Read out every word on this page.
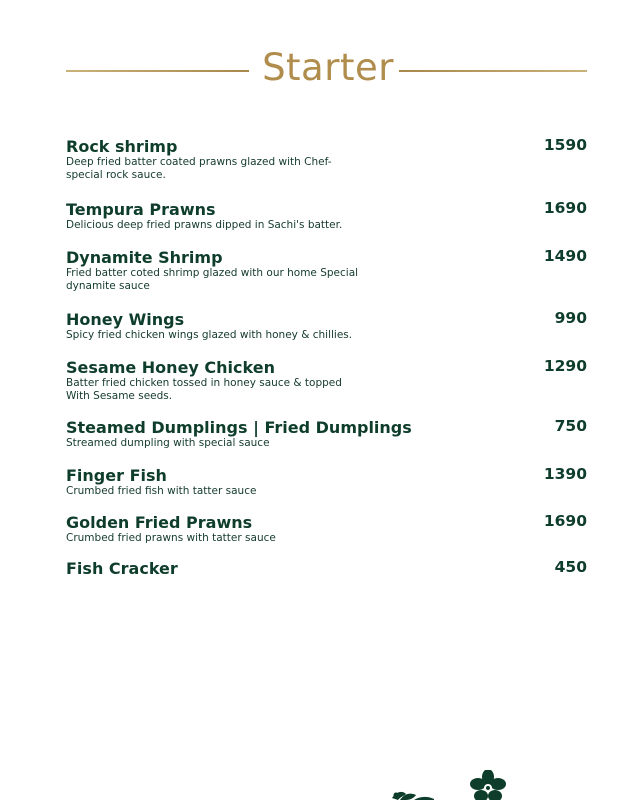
Starter
Rock shrimp	1590
Deep fried batter coated prawns glazed with Chef-special rock sauce.
Tempura Prawns	1690
Delicious deep fried prawns dipped in Sachi's batter.
Dynamite Shrimp	1490
Fried batter coted shrimp glazed with our home Special dynamite sauce
Honey Wings	990
Spicy fried chicken wings glazed with honey & chillies.
Sesame Honey Chicken	1290
Batter fried chicken tossed in honey sauce & topped With Sesame seeds.
Steamed Dumplings | Fried Dumplings	750
Streamed dumpling with special sauce
Finger Fish	1390
Crumbed fried fish with tatter sauce
Golden Fried Prawns	1690
Crumbed fried prawns with tatter sauce
Fish Cracker	450
